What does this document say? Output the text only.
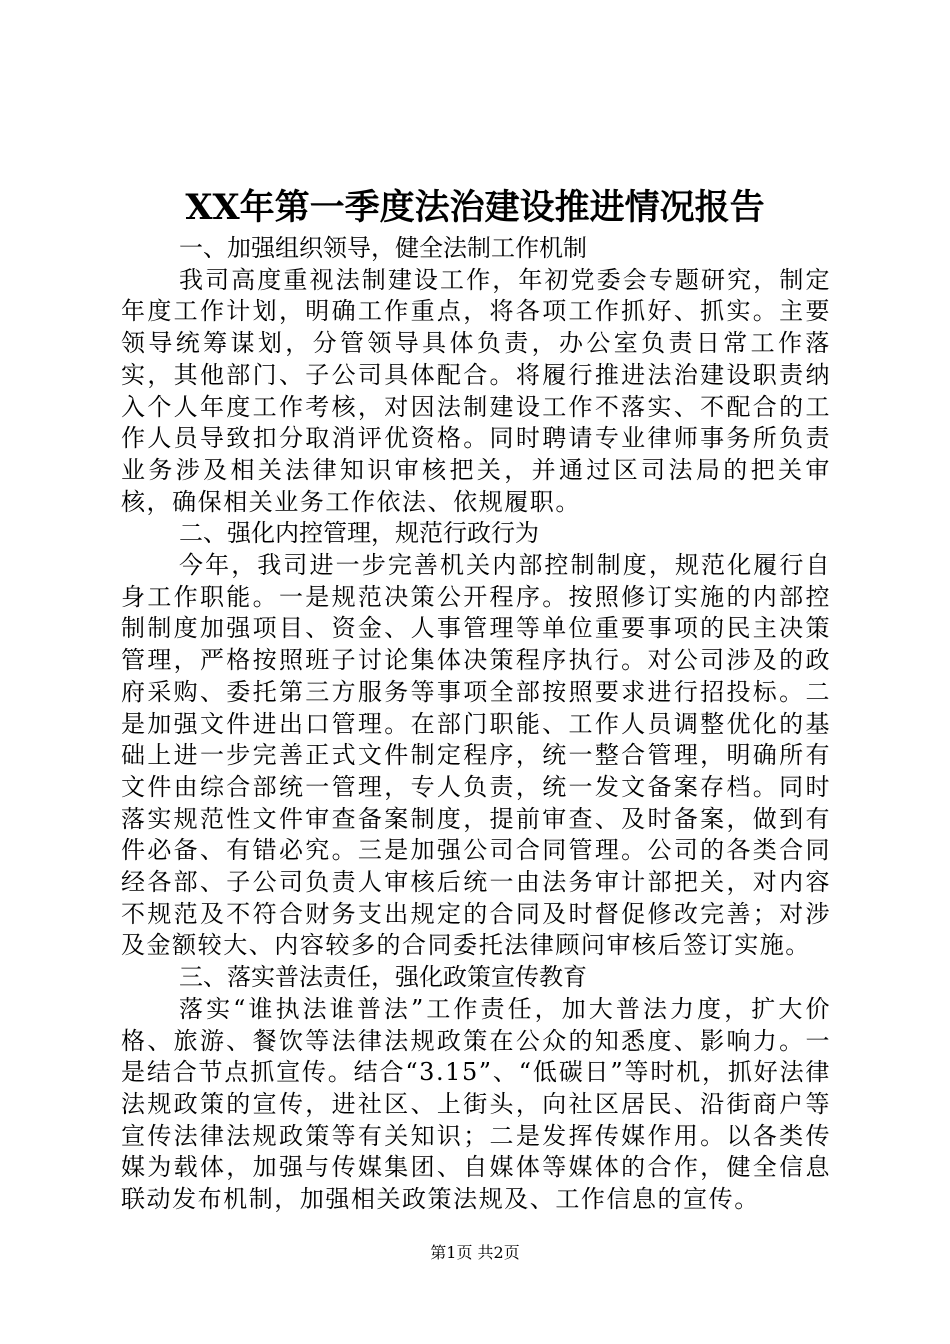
XX年第一季度法治建设推进情况报告

一、加强组织领导，健全法制工作机制

我司高度重视法制建设工作，年初党委会专题研究，制定年度工作计划，明确工作重点，将各项工作抓好、抓实。主要领导统筹谋划，分管领导具体负责，办公室负责日常工作落实，其他部门、子公司具体配合。将履行推进法治建设职责纳入个人年度工作考核，对因法制建设工作不落实、不配合的工作人员导致扣分取消评优资格。同时聘请专业律师事务所负责业务涉及相关法律知识审核把关，并通过区司法局的把关审核，确保相关业务工作依法、依规履职。

二、强化内控管理，规范行政行为

今年，我司进一步完善机关内部控制制度，规范化履行自身工作职能。一是规范决策公开程序。按照修订实施的内部控制制度加强项目、资金、人事管理等单位重要事项的民主决策管理，严格按照班子讨论集体决策程序执行。对公司涉及的政府采购、委托第三方服务等事项全部按照要求进行招投标。二是加强文件进出口管理。在部门职能、工作人员调整优化的基础上进一步完善正式文件制定程序，统一整合管理，明确所有文件由综合部统一管理，专人负责，统一发文备案存档。同时落实规范性文件审查备案制度，提前审查、及时备案，做到有件必备、有错必究。三是加强公司合同管理。公司的各类合同经各部、子公司负责人审核后统一由法务审计部把关，对内容不规范及不符合财务支出规定的合同及时督促修改完善；对涉及金额较大、内容较多的合同委托法律顾问审核后签订实施。

三、落实普法责任，强化政策宣传教育

落实“谁执法谁普法”工作责任，加大普法力度，扩大价格、旅游、餐饮等法律法规政策在公众的知悉度、影响力。一是结合节点抓宣传。结合“3.15”、“低碳日”等时机，抓好法律法规政策的宣传，进社区、上街头，向社区居民、沿街商户等宣传法律法规政策等有关知识；二是发挥传媒作用。以各类传媒为载体，加强与传媒集团、自媒体等媒体的合作，健全信息联动发布机制，加强相关政策法规及、工作信息的宣传。

第1页 共2页
